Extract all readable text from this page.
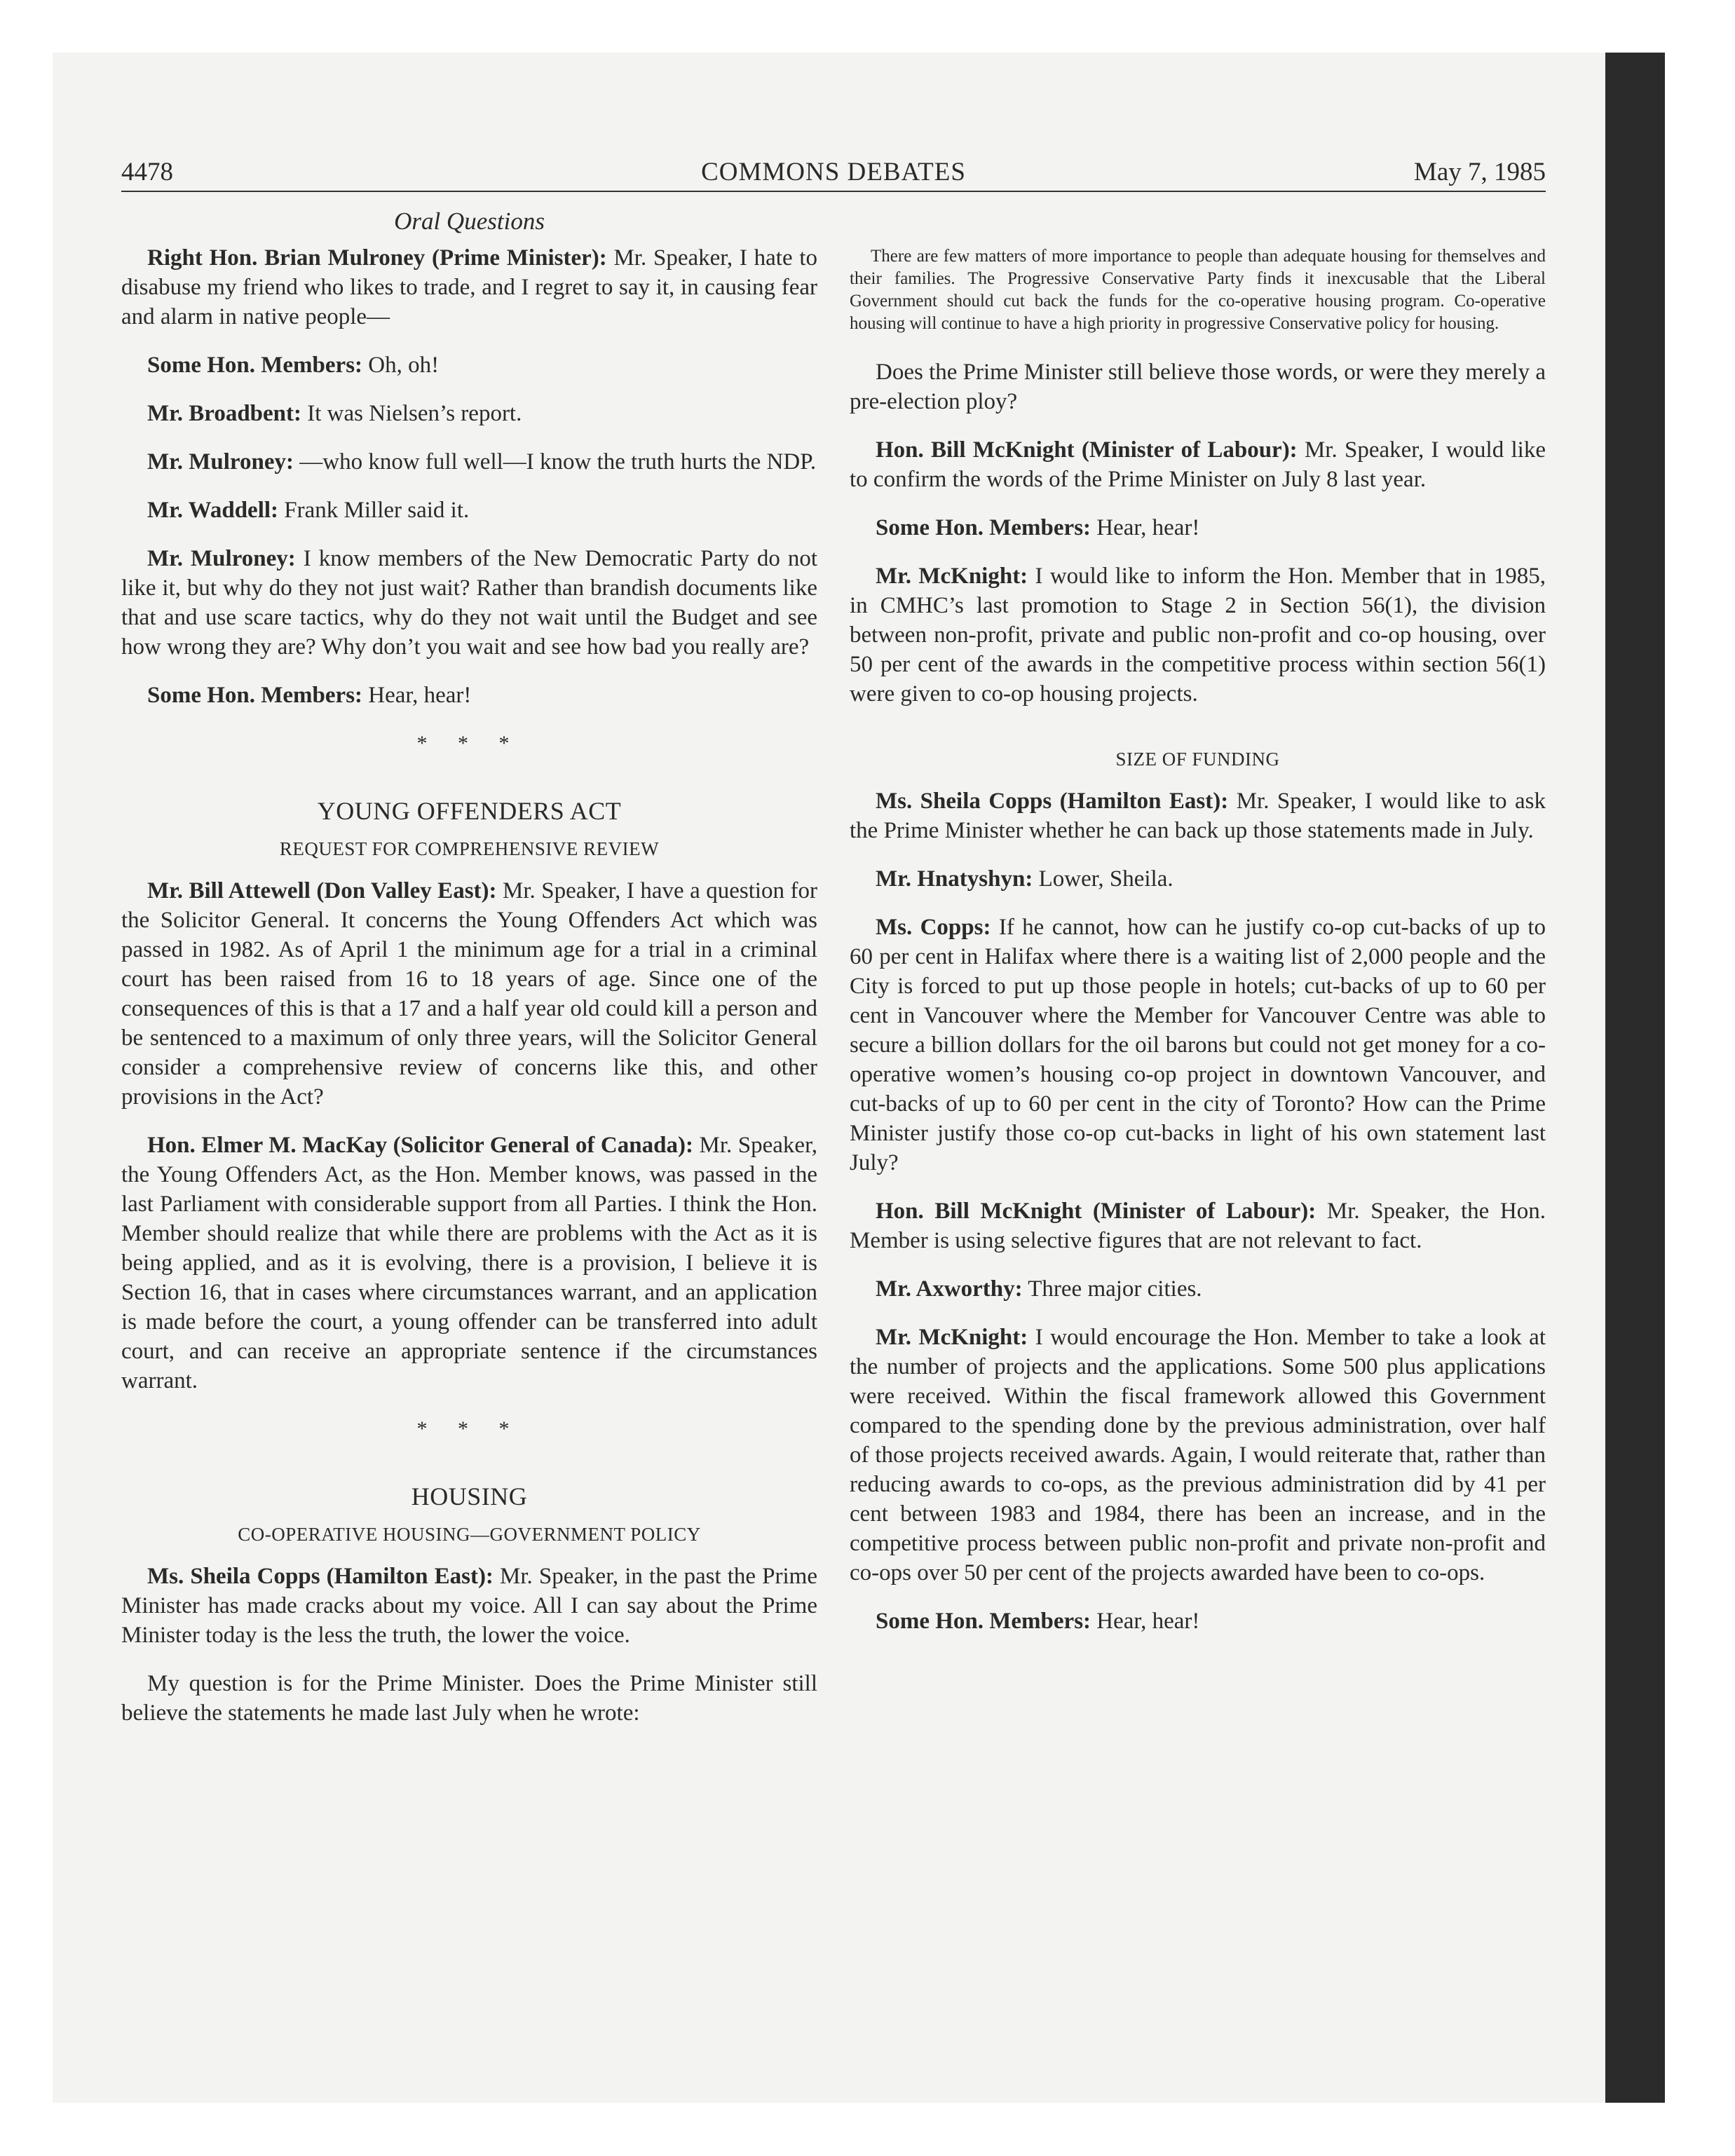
4478	COMMONS DEBATES	May 7, 1985
Oral Questions

Right Hon. Brian Mulroney (Prime Minister): Mr. Speaker, I hate to disabuse my friend who likes to trade, and I regret to say it, in causing fear and alarm in native people—

Some Hon. Members: Oh, oh!

Mr. Broadbent: It was Nielsen’s report.

Mr. Mulroney: —who know full well—I know the truth hurts the NDP.

Mr. Waddell: Frank Miller said it.

Mr. Mulroney: I know members of the New Democratic Party do not like it, but why do they not just wait? Rather than brandish documents like that and use scare tactics, why do they not wait until the Budget and see how wrong they are? Why don’t you wait and see how bad you really are?

Some Hon. Members: Hear, hear!

* * *
YOUNG OFFENDERS ACT
REQUEST FOR COMPREHENSIVE REVIEW

Mr. Bill Attewell (Don Valley East): Mr. Speaker, I have a question for the Solicitor General. It concerns the Young Offenders Act which was passed in 1982. As of April 1 the minimum age for a trial in a criminal court has been raised from 16 to 18 years of age. Since one of the consequences of this is that a 17 and a half year old could kill a person and be sentenced to a maximum of only three years, will the Solicitor General consider a comprehensive review of concerns like this, and other provisions in the Act?

Hon. Elmer M. MacKay (Solicitor General of Canada): Mr. Speaker, the Young Offenders Act, as the Hon. Member knows, was passed in the last Parliament with considerable support from all Parties. I think the Hon. Member should realize that while there are problems with the Act as it is being applied, and as it is evolving, there is a provision, I believe it is Section 16, that in cases where circumstances warrant, and an application is made before the court, a young offender can be transferred into adult court, and can receive an appropriate sentence if the circumstances warrant.

* * *
HOUSING
CO-OPERATIVE HOUSING—GOVERNMENT POLICY

Ms. Sheila Copps (Hamilton East): Mr. Speaker, in the past the Prime Minister has made cracks about my voice. All I can say about the Prime Minister today is the less the truth, the lower the voice.

My question is for the Prime Minister. Does the Prime Minister still believe the statements he made last July when he wrote:

There are few matters of more importance to people than adequate housing for themselves and their families. The Progressive Conservative Party finds it inexcusable that the Liberal Government should cut back the funds for the co-operative housing program. Co-operative housing will continue to have a high priority in progressive Conservative policy for housing.

Does the Prime Minister still believe those words, or were they merely a pre-election ploy?

Hon. Bill McKnight (Minister of Labour): Mr. Speaker, I would like to confirm the words of the Prime Minister on July 8 last year.

Some Hon. Members: Hear, hear!

Mr. McKnight: I would like to inform the Hon. Member that in 1985, in CMHC’s last promotion to Stage 2 in Section 56(1), the division between non-profit, private and public non-profit and co-op housing, over 50 per cent of the awards in the competitive process within section 56(1) were given to co-op housing projects.

SIZE OF FUNDING

Ms. Sheila Copps (Hamilton East): Mr. Speaker, I would like to ask the Prime Minister whether he can back up those statements made in July.

Mr. Hnatyshyn: Lower, Sheila.

Ms. Copps: If he cannot, how can he justify co-op cut-backs of up to 60 per cent in Halifax where there is a waiting list of 2,000 people and the City is forced to put up those people in hotels; cut-backs of up to 60 per cent in Vancouver where the Member for Vancouver Centre was able to secure a billion dollars for the oil barons but could not get money for a co-operative women’s housing co-op project in downtown Vancouver, and cut-backs of up to 60 per cent in the city of Toronto? How can the Prime Minister justify those co-op cut-backs in light of his own statement last July?

Hon. Bill McKnight (Minister of Labour): Mr. Speaker, the Hon. Member is using selective figures that are not relevant to fact.

Mr. Axworthy: Three major cities.

Mr. McKnight: I would encourage the Hon. Member to take a look at the number of projects and the applications. Some 500 plus applications were received. Within the fiscal framework allowed this Government compared to the spending done by the previous administration, over half of those projects received awards. Again, I would reiterate that, rather than reducing awards to co-ops, as the previous administration did by 41 per cent between 1983 and 1984, there has been an increase, and in the competitive process between public non-profit and private non-profit and co-ops over 50 per cent of the projects awarded have been to co-ops.

Some Hon. Members: Hear, hear!
